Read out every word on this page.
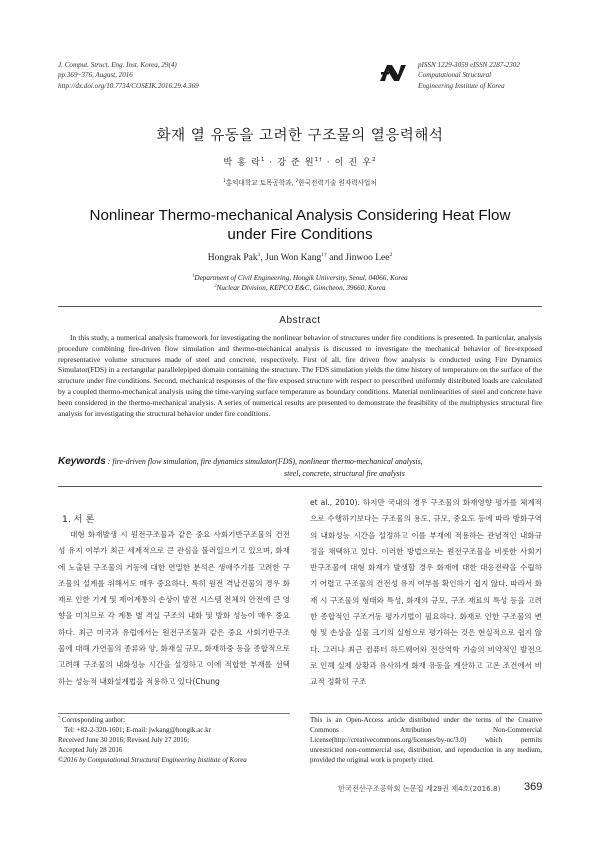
J. Comput. Struct. Eng. Inst. Korea, 29(4)
pp.369~376, August, 2016
http://dx.doi.org/10.7734/COSEIK.2016.29.4.369
pISSN 1229-3059 eISSN 2287-2302
Computational Structural
Engineering Institute of Korea
화재 열 유동을 고려한 구조물의 열응력해석
박 홍 락$^1$ · 강 준 원$^{1\dagger}$ · 이 진 우$^2$
$^1$홍익대학교 토목공학과, $^2$한국전력기술 원자력사업처
Nonlinear Thermo-mechanical Analysis Considering Heat Flow
under Fire Conditions
Hongrak Pak$^1$, Jun Won Kang$^{1\dagger}$ and Jinwoo Lee$^2$
$^1$Department of Civil Engineering, Hongik University, Seoul, 04066, Korea
$^2$Nuclear Division, KEPCO E&C, Gimcheon, 39660, Korea
Abstract
In this study, a numerical analysis framework for investigating the nonlinear behavior of structures under fire conditions is presented. In particular, analysis procedure combining fire-driven flow simulation and thermo-mechanical analysis is discussed to investigate the mechanical behavior of fire-exposed representative volume structures made of steel and concrete, respectively. First of all, fire driven flow analysis is conducted using Fire Dynamics Simulator(FDS) in a rectangular parallelepiped domain containing the structure. The FDS simulation yields the time history of temperature on the surface of the structure under fire conditions. Second, mechanical responses of the fire exposed structure with respect to prescribed uniformly distributed loads are calculated by a coupled thermo-mechanical analysis using the time-varying surface temperature as boundary conditions. Material nonlinearities of steel and concrete have been considered in the thermo-mechanical analysis. A series of numerical results are presented to demonstrate the feasibility of the multiphysics structural fire analysis for investigating the structural behavior under fire conditions.
Keywords : fire-driven flow simulation, fire dynamics simulator(FDS), nonlinear thermo-mechanical analysis,
steel, concrete, structural fire analysis
1. 서 론

대형 화재발생 시 원전구조물과 같은 중요 사회기반구조물의 건전성 유지 여부가 최근 세계적으로 큰 관심을 불러일으키고 있으며, 화재에 노출된 구조물의 거동에 대한 면밀한 분석은 생애주기를 고려한 구조물의 설계를 위해서도 매우 중요하다. 특히 원전 격납건물의 경우 화재로 인한 기계 및 제어계통의 손상이 발전 시스템 전체의 안전에 큰 영향을 미치므로 각 계통 별 격실 구조의 내화 및 방화 성능이 매우 중요하다. 최근 미국과 유럽에서는 원전구조물과 같은 중요 사회기반구조물에 대해 가연물의 종류와 양, 화재실 규모, 화재하중 등을 종합적으로 고려해 구조물의 내화성능 시간을 설정하고 이에 적합한 부재를 선택하는 성능적 내화설계법을 적용하고 있다(Chung

et al., 2010). 하지만 국내의 경우 구조물의 화재영향 평가를 체계적으로 수행하기보다는 구조물의 용도, 규모, 중요도 등에 따라 방화구역의 내화성능 시간을 설정하고 이를 부재에 적용하는 관념적인 내화규정을 채택하고 있다. 이러한 방법으로는 원전구조물을 비롯한 사회기반구조물에 대형 화재가 발생할 경우 화재에 대한 대응전략을 수립하기 어렵고 구조물의 건전성 유지 여부를 확인하기 쉽지 않다. 따라서 화재 시 구조물의 형태와 특성, 화재의 규모, 구조 재료의 특성 등을 고려한 종합적인 구조거동 평가기법이 필요하다. 화재로 인한 구조물의 변형 및 손상을 실물 크기의 실험으로 평가하는 것은 현실적으로 쉽지 않다. 그러나 최근 컴퓨터 하드웨어와 전산역학 기술의 비약적인 발전으로 인해 실제 상황과 유사하게 화재 유동을 계산하고 고온 조건에서 비교적 정확히 구조

† Corresponding author:
Tel: +82-2-320-1601; E-mail: jwkang@hongik.ac.kr
Received June 30 2016; Revised July 27 2016;
Accepted July 28 2016
©2016 by Computational Structural Engineering Institute of Korea
This is an Open-Access article distributed under the terms of the Creative Commons Attribution Non-Commercial License(http://creativecommons.org/licenses/by-nc/3.0) which permits unrestricted non-commercial use, distribution, and reproduction in any medium, provided the original work is properly cited.
한국전산구조공학회 논문집 제29권 제4호(2016.8) 369
